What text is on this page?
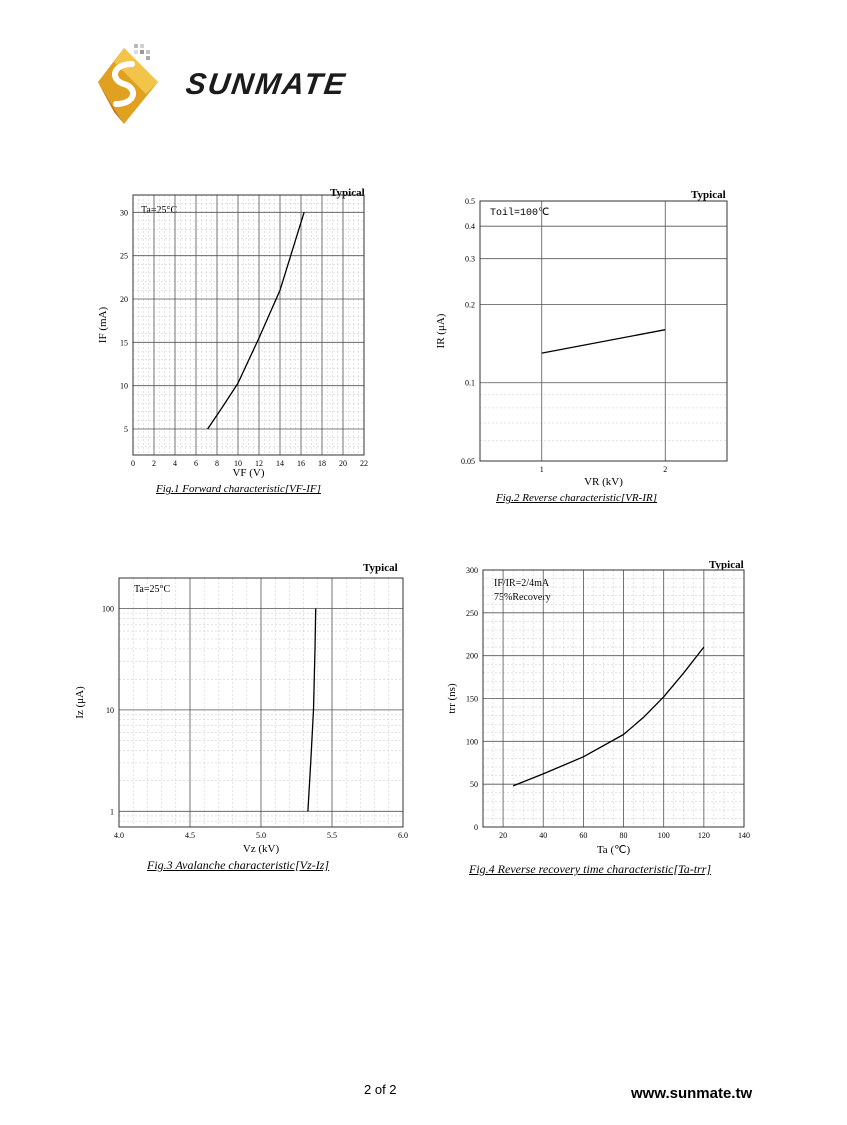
SUNMATE
Typical
Ta=25°C
0 2 4 6 8 10 12 14 16 18 20 22
5
10
15
20
25
30
VF (V)
IF (mA)
Fig.1 Forward characteristic[VF-IF]
Typical
Toil=100℃
1	2
0.05
0.1
0.2
0.3
0.4
0.5
VR (kV)
IR (μA)
Fig.2 Reverse characteristic[VR-IR]
Typical
Ta=25°C
4.0	4.5	5.0	5.5	6.0
1
10
100
Vz (kV)
Iz (μA)
Fig.3 Avalanche characteristic[Vz-Iz]
Typical
IF/IR=2/4mA
75%Recovery
20	40	60	80	100	120	140
0
50
100
150
200
250
300
Ta (℃)
trr (ns)
Fig.4 Reverse recovery time characteristic[Ta-trr]
2 of 2	www.sunmate.tw
